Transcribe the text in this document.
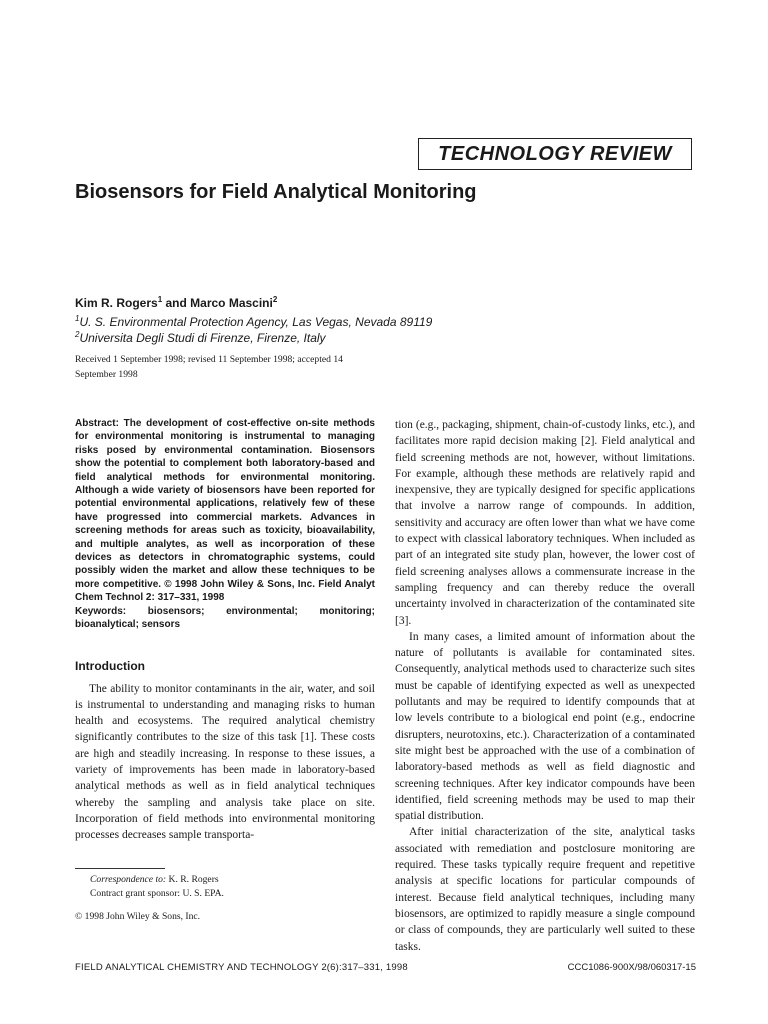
TECHNOLOGY REVIEW
Biosensors for Field Analytical Monitoring

Kim R. Rogers$^1$ and Marco Mascini$^2$

$^1$U. S. Environmental Protection Agency, Las Vegas, Nevada 89119

$^2$Universita Degli Studi di Firenze, Firenze, Italy

Received 1 September 1998; revised 11 September 1998; accepted 14 September 1998

Abstract: The development of cost-effective on-site methods for environmental monitoring is instrumental to managing risks posed by environmental contamination. Biosensors show the potential to complement both laboratory-based and field analytical methods for environmental monitoring. Although a wide variety of biosensors have been reported for potential environmental applications, relatively few of these have progressed into commercial markets. Advances in screening methods for areas such as toxicity, bioavailability, and multiple analytes, as well as incorporation of these devices as detectors in chromatographic systems, could possibly widen the market and allow these techniques to be more competitive. © 1998 John Wiley & Sons, Inc. Field Analyt Chem Technol 2: 317–331, 1998

Keywords: biosensors; environmental; monitoring; bioanalytical; sensors

Introduction

The ability to monitor contaminants in the air, water, and soil is instrumental to understanding and managing risks to human health and ecosystems. The required analytical chemistry significantly contributes to the size of this task [1]. These costs are high and steadily increasing. In response to these issues, a variety of improvements has been made in laboratory-based analytical methods as well as in field analytical techniques whereby the sampling and analysis take place on site. Incorporation of field methods into environmental monitoring processes decreases sample transporta-

tion (e.g., packaging, shipment, chain-of-custody links, etc.), and facilitates more rapid decision making [2]. Field analytical and field screening methods are not, however, without limitations. For example, although these methods are relatively rapid and inexpensive, they are typically designed for specific applications that involve a narrow range of compounds. In addition, sensitivity and accuracy are often lower than what we have come to expect with classical laboratory techniques. When included as part of an integrated site study plan, however, the lower cost of field screening analyses allows a commensurate increase in the sampling frequency and can thereby reduce the overall uncertainty involved in characterization of the contaminated site [3].

In many cases, a limited amount of information about the nature of pollutants is available for contaminated sites. Consequently, analytical methods used to characterize such sites must be capable of identifying expected as well as unexpected pollutants and may be required to identify compounds that at low levels contribute to a biological end point (e.g., endocrine disrupters, neurotoxins, etc.). Characterization of a contaminated site might best be approached with the use of a combination of laboratory-based methods as well as field diagnostic and screening techniques. After key indicator compounds have been identified, field screening methods may be used to map their spatial distribution.

After initial characterization of the site, analytical tasks associated with remediation and postclosure monitoring are required. These tasks typically require frequent and repetitive analysis at specific locations for particular compounds of interest. Because field analytical techniques, including many biosensors, are optimized to rapidly measure a single compound or class of compounds, they are particularly well suited to these tasks.

Correspondence to: K. R. Rogers

Contract grant sponsor: U. S. EPA.

© 1998 John Wiley & Sons, Inc.

FIELD ANALYTICAL CHEMISTRY AND TECHNOLOGY 2(6):317–331, 1998	CCC1086-900X/98/060317-15
